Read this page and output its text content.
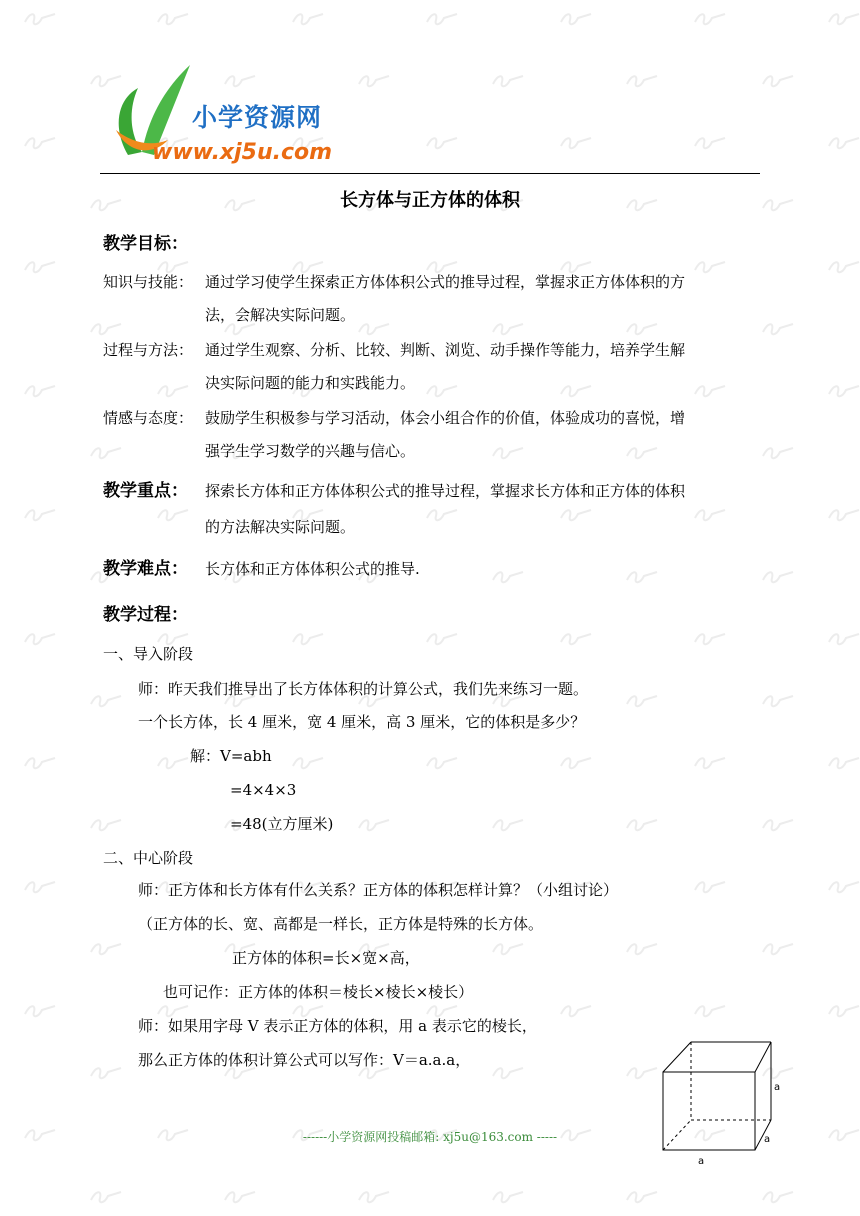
小学资源网
www.xj5u.com
长方体与正方体的体积
教学目标：
知识与技能： 通过学习使学生探索正方体体积公式的推导过程，掌握求正方体体积的方
法，会解决实际问题。
过程与方法： 通过学生观察、分析、比较、判断、浏览、动手操作等能力，培养学生解
决实际问题的能力和实践能力。
情感与态度： 鼓励学生积极参与学习活动，体会小组合作的价值，体验成功的喜悦，增
强学生学习数学的兴趣与信心。
教学重点： 探索长方体和正方体体积公式的推导过程，掌握求长方体和正方体的体积
的方法解决实际问题。
教学难点： 长方体和正方体体积公式的推导.
教学过程：
一、导入阶段
师：昨天我们推导出了长方体体积的计算公式，我们先来练习一题。
一个长方体，长 4 厘米，宽 4 厘米，高 3 厘米，它的体积是多少？
解：V=abh
=4×4×3
=48(立方厘米)
二、中心阶段
师：正方体和长方体有什么关系？正方体的体积怎样计算？（小组讨论）
（正方体的长、宽、高都是一样长，正方体是特殊的长方体。
正方体的体积=长×宽×高，
也可记作：正方体的体积＝棱长×棱长×棱长）
师：如果用字母 V 表示正方体的体积，用 a 表示它的棱长，
那么正方体的体积计算公式可以写作：V＝a.a.a，
a
a
a
------小学资源网投稿邮箱: xj5u@163.com -----
